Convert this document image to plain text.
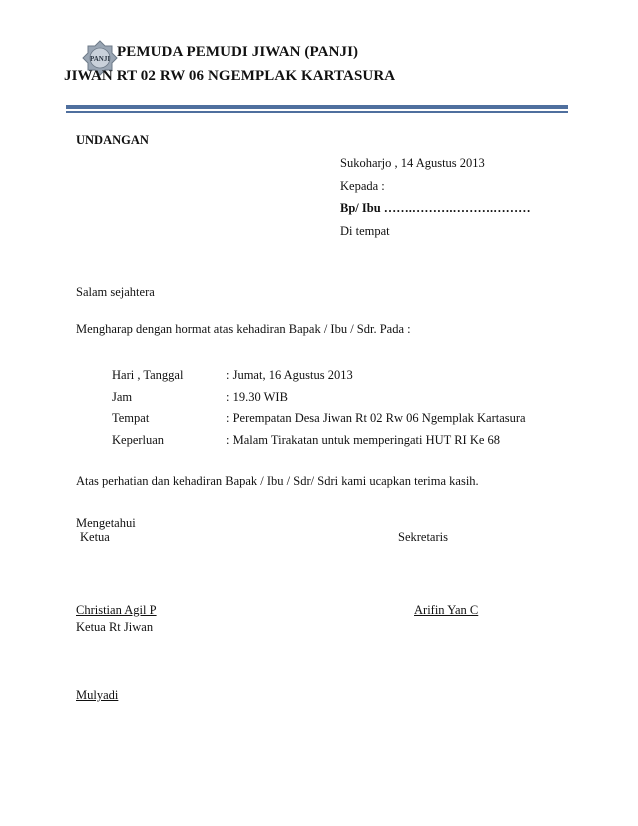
PANJI PEMUDA PEMUDI JIWAN (PANJI)
JIWAN RT 02 RW 06 NGEMPLAK KARTASURA
UNDANGAN
Sukoharjo , 14 Agustus 2013
Kepada :
Bp/ Ibu …….……….……….………
Di tempat
Salam sejahtera
Mengharap dengan hormat atas kehadiran Bapak / Ibu / Sdr. Pada :
Hari , Tanggal	: Jumat, 16 Agustus 2013
Jam	: 19.30 WIB
Tempat	: Perempatan Desa Jiwan Rt 02 Rw 06 Ngemplak Kartasura
Keperluan	: Malam Tirakatan untuk memperingati HUT RI Ke 68
Atas perhatian dan kehadiran Bapak / Ibu / Sdr/ Sdri kami ucapkan terima kasih.
Mengetahui
Ketua	Sekretaris
Christian Agil P	Arifin Yan C
Ketua Rt Jiwan
Mulyadi
